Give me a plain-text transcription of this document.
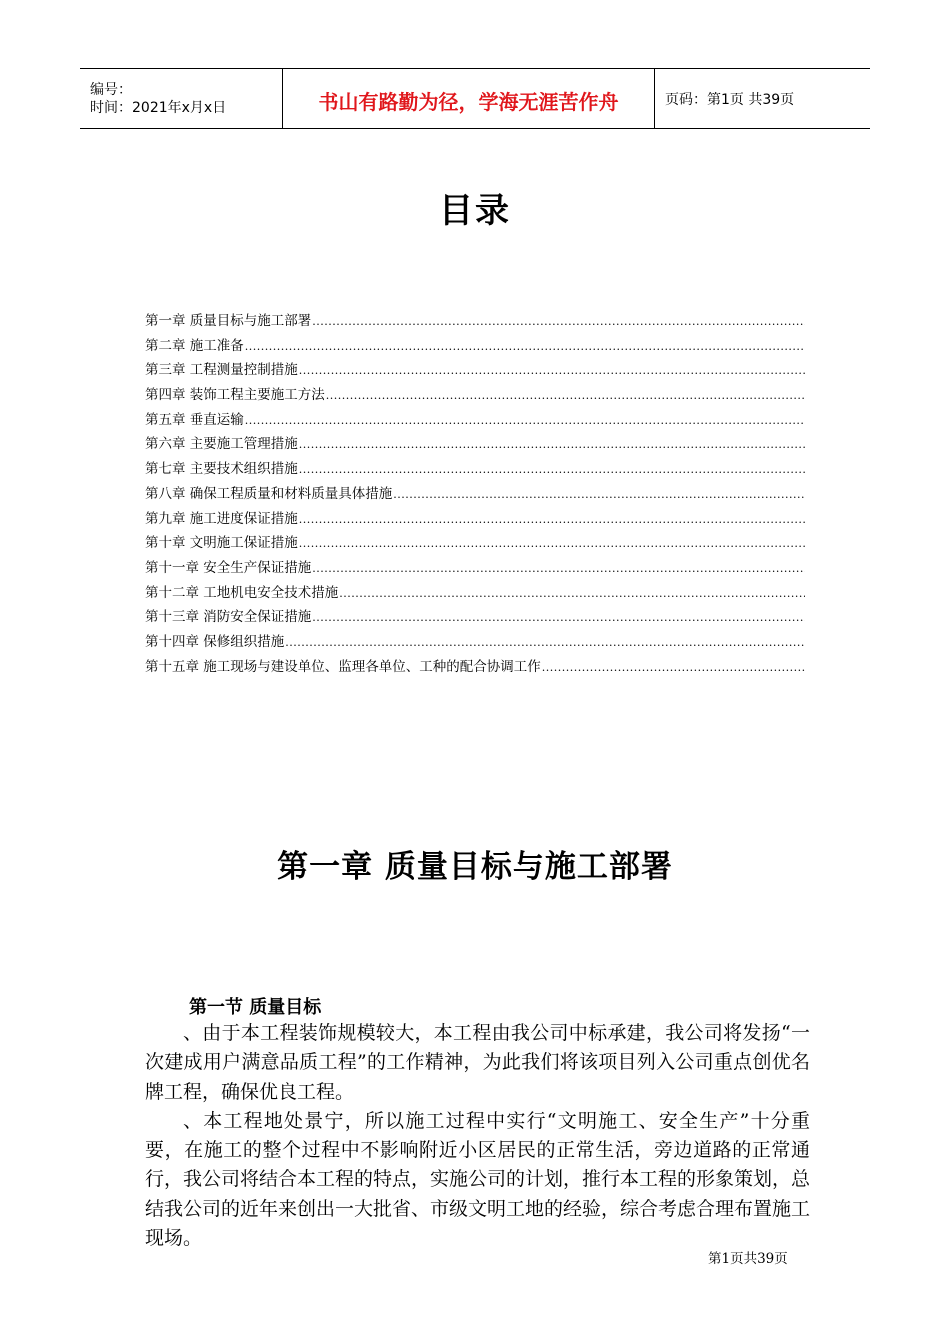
编号：
时间：2021年x月x日	书山有路勤为径，学海无涯苦作舟	页码：第1页 共39页
目录
第一章 质量目标与施工部署
.....
第二章 施工准备
.....
第三章 工程测量控制措施
.....
第四章 装饰工程主要施工方法
.....
第五章 垂直运输
.....
第六章 主要施工管理措施
.....
第七章 主要技术组织措施
.....
第八章 确保工程质量和材料质量具体措施
.....
第九章 施工进度保证措施
.....
第十章 文明施工保证措施
.....
第十一章 安全生产保证措施
.....
第十二章 工地机电安全技术措施
.....
第十三章 消防安全保证措施
.....
第十四章 保修组织措施
.....
第十五章 施工现场与建设单位、监理各单位、工种的配合协调工作
.....
第一章 质量目标与施工部署
第一节 质量目标

、由于本工程装饰规模较大，本工程由我公司中标承建，我公司将发扬“一次建成用户满意品质工程”的工作精神，为此我们将该项目列入公司重点创优名牌工程，确保优良工程。

、本工程地处景宁，所以施工过程中实行“文明施工、安全生产”十分重要，在施工的整个过程中不影响附近小区居民的正常生活，旁边道路的正常通行，我公司将结合本工程的特点，实施公司的计划，推行本工程的形象策划，总结我公司的近年来创出一大批省、市级文明工地的经验，综合考虑合理布置施工现场。

第1页共39页
